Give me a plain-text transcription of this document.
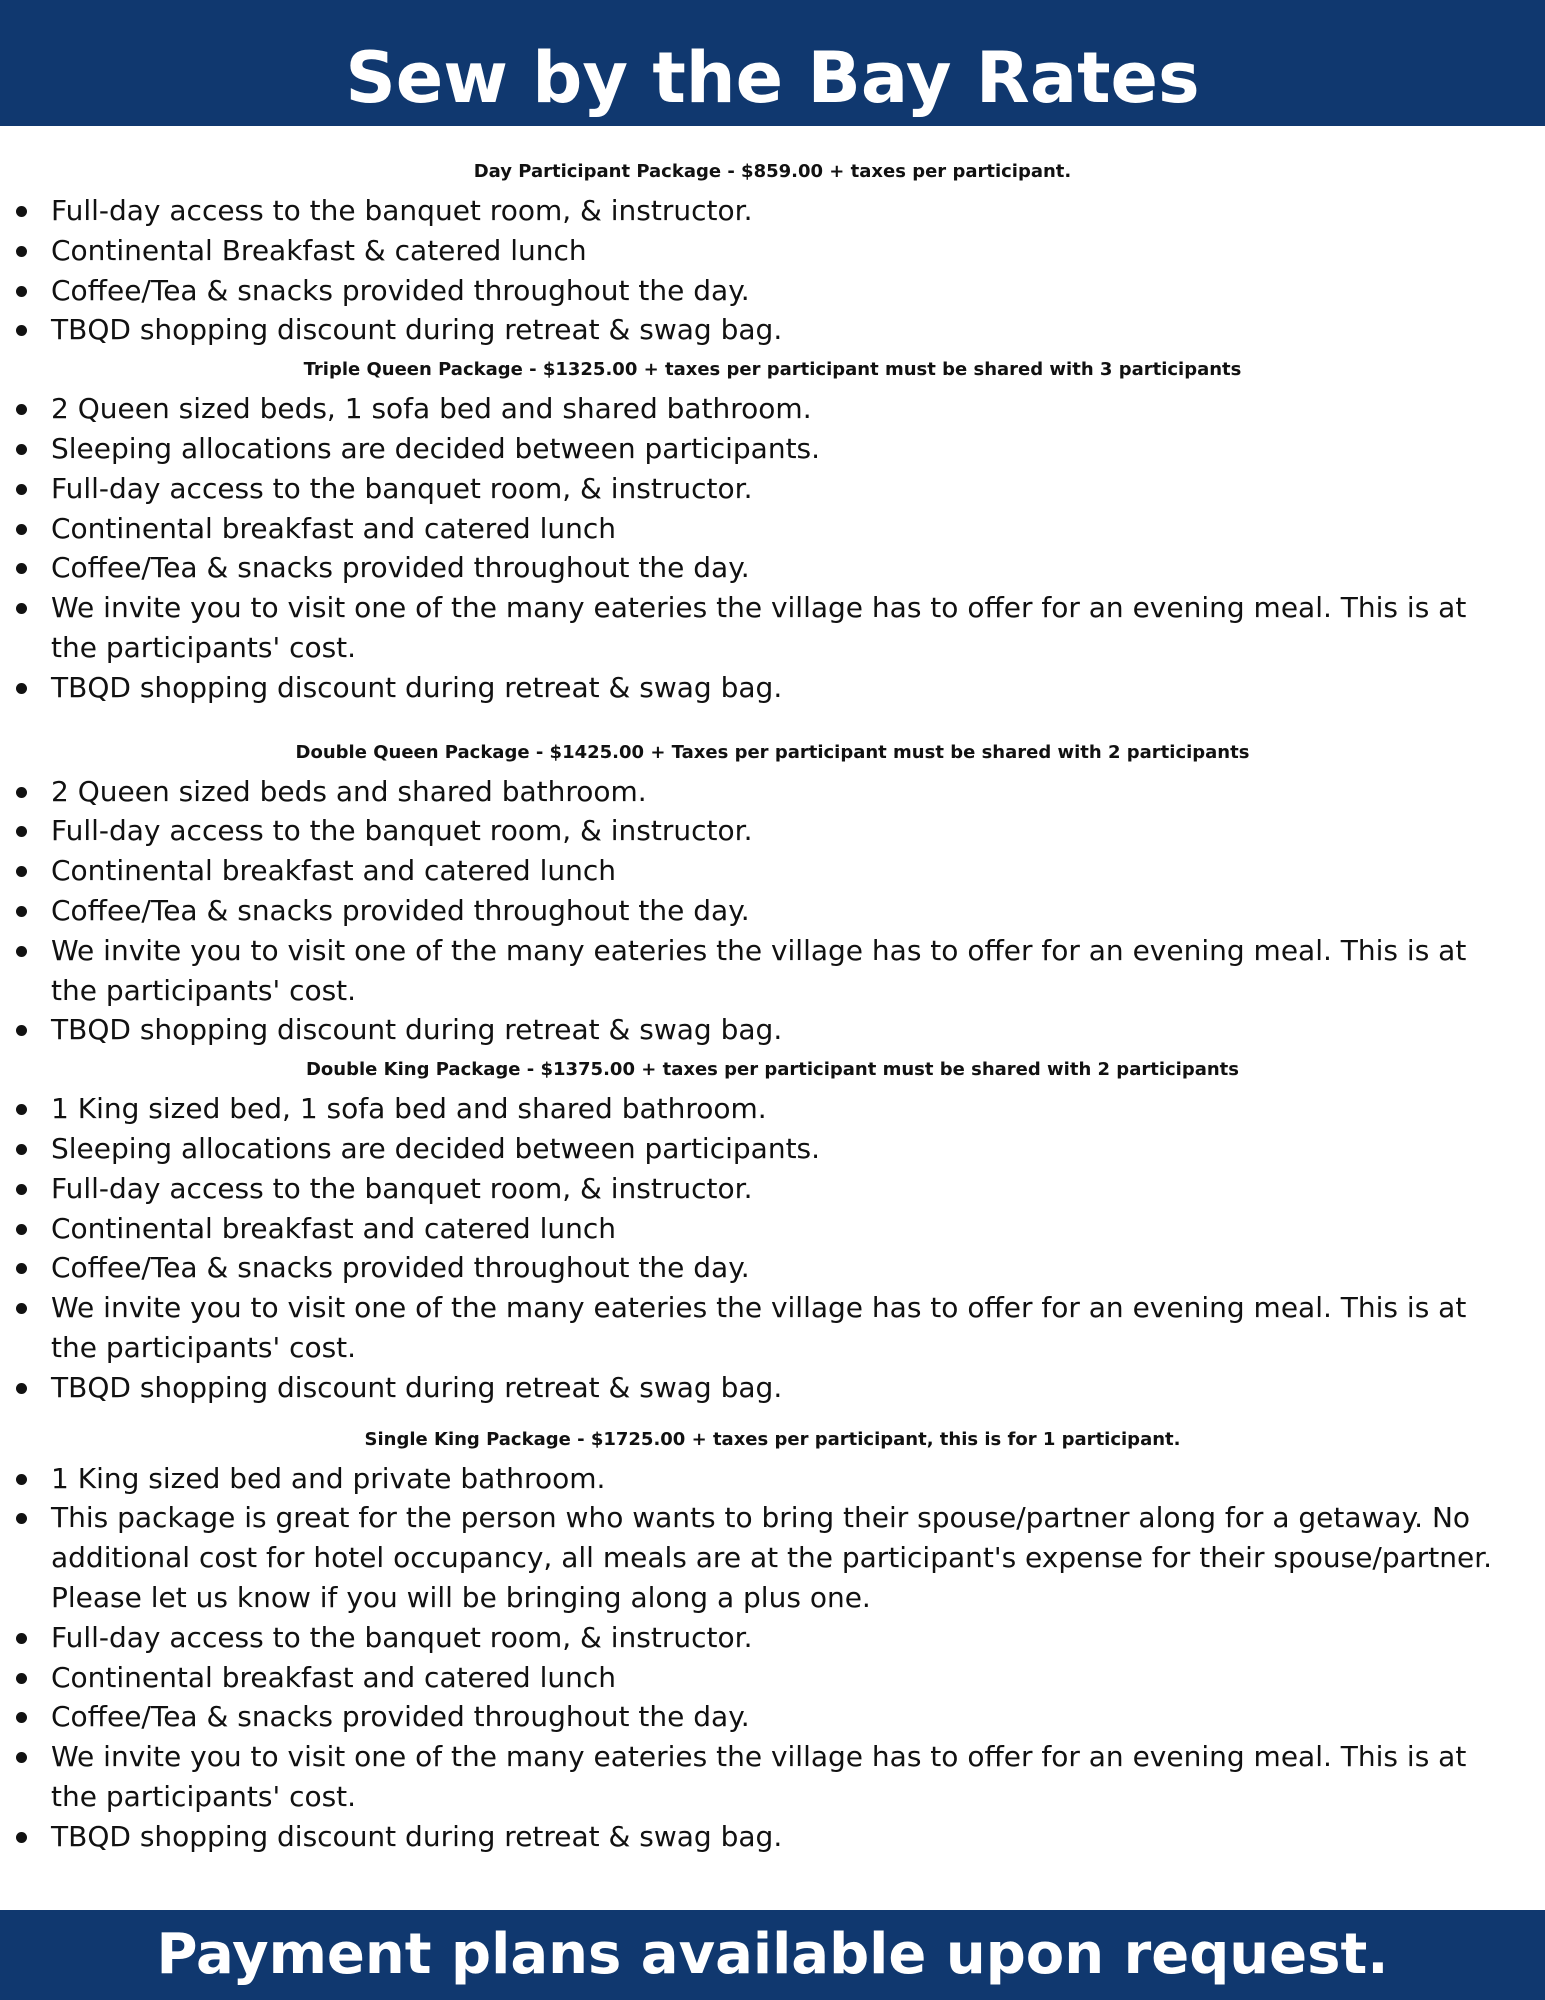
Sew by the Bay Rates
Day Participant Package - $859.00 + taxes per participant.
Full-day access to the banquet room, & instructor.
Continental Breakfast & catered lunch
Coffee/Tea & snacks provided throughout the day.
TBQD shopping discount during retreat & swag bag.
Triple Queen Package - $1325.00 + taxes per participant must be shared with 3 participants
2 Queen sized beds, 1 sofa bed and shared bathroom.
Sleeping allocations are decided between participants.
Full-day access to the banquet room, & instructor.
Continental breakfast and catered lunch
Coffee/Tea & snacks provided throughout the day.
We invite you to visit one of the many eateries the village has to offer for an evening meal. This is at the participants' cost.
TBQD shopping discount during retreat & swag bag.
Double Queen Package - $1425.00 + Taxes per participant must be shared with 2 participants
2 Queen sized beds and shared bathroom.
Full-day access to the banquet room, & instructor.
Continental breakfast and catered lunch
Coffee/Tea & snacks provided throughout the day.
We invite you to visit one of the many eateries the village has to offer for an evening meal. This is at the participants' cost.
TBQD shopping discount during retreat & swag bag.
Double King Package - $1375.00 + taxes per participant must be shared with 2 participants
1 King sized bed, 1 sofa bed and shared bathroom.
Sleeping allocations are decided between participants.
Full-day access to the banquet room, & instructor.
Continental breakfast and catered lunch
Coffee/Tea & snacks provided throughout the day.
We invite you to visit one of the many eateries the village has to offer for an evening meal. This is at the participants' cost.
TBQD shopping discount during retreat & swag bag.
Single King Package - $1725.00 + taxes per participant, this is for 1 participant.
1 King sized bed and private bathroom.
This package is great for the person who wants to bring their spouse/partner along for a getaway. No additional cost for hotel occupancy, all meals are at the participant's expense for their spouse/partner. Please let us know if you will be bringing along a plus one.
Full-day access to the banquet room, & instructor.
Continental breakfast and catered lunch
Coffee/Tea & snacks provided throughout the day.
We invite you to visit one of the many eateries the village has to offer for an evening meal. This is at the participants' cost.
TBQD shopping discount during retreat & swag bag.
Payment plans available upon request.
